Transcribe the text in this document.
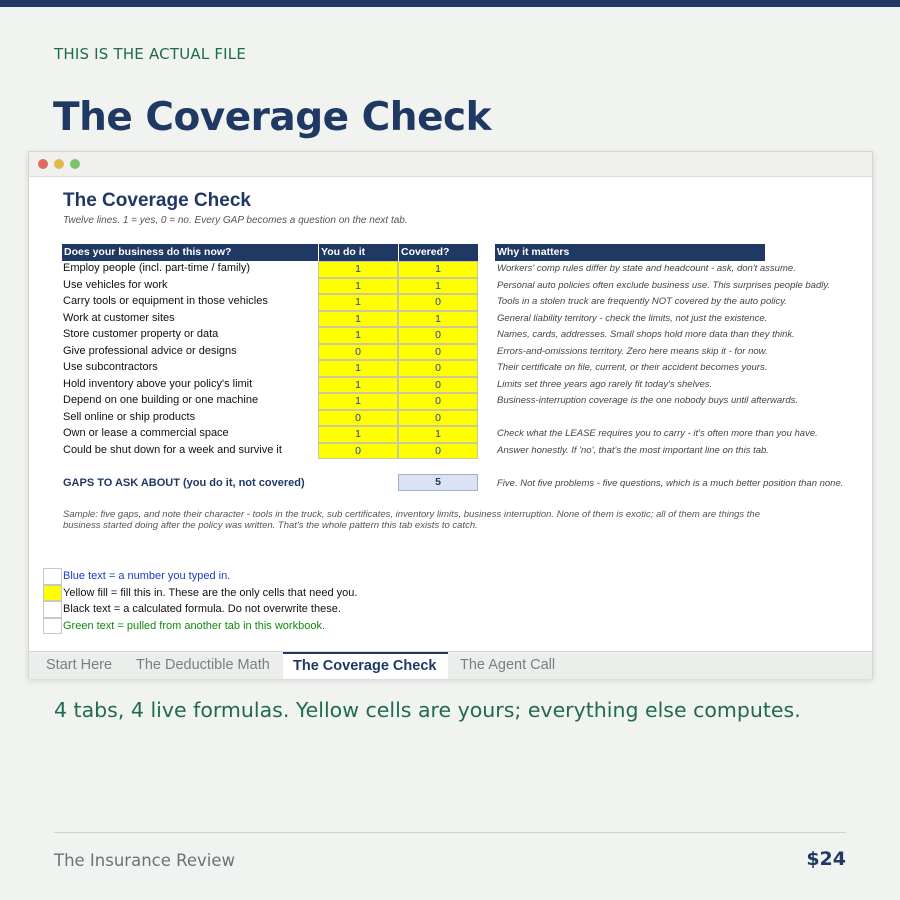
THIS IS THE ACTUAL FILE
The Coverage Check
The Coverage Check
Twelve lines. 1 = yes, 0 = no. Every GAP becomes a question on the next tab.
Does your business do this now?	You do it	Covered?	Why it matters
Employ people (incl. part-time / family)	1	1	Workers' comp rules differ by state and headcount - ask, don't assume.
Use vehicles for work	1	1	Personal auto policies often exclude business use. This surprises people badly.
Carry tools or equipment in those vehicles	1	0	Tools in a stolen truck are frequently NOT covered by the auto policy.
Work at customer sites	1	1	General liability territory - check the limits, not just the existence.
Store customer property or data	1	0	Names, cards, addresses. Small shops hold more data than they think.
Give professional advice or designs	0	0	Errors-and-omissions territory. Zero here means skip it - for now.
Use subcontractors	1	0	Their certificate on file, current, or their accident becomes yours.
Hold inventory above your policy's limit	1	0	Limits set three years ago rarely fit today's shelves.
Depend on one building or one machine	1	0	Business-interruption coverage is the one nobody buys until afterwards.
Sell online or ship products	0	0
Own or lease a commercial space	1	1	Check what the LEASE requires you to carry - it's often more than you have.
Could be shut down for a week and survive it	0	0	Answer honestly. If 'no', that's the most important line on this tab.
GAPS TO ASK ABOUT (you do it, not covered)	5	Five. Not five problems - five questions, which is a much better position than none.
Sample: five gaps, and note their character - tools in the truck, sub certificates, inventory limits, business interruption. None of them is exotic; all of them are things the business started doing after the policy was written. That's the whole pattern this tab exists to catch.
Blue text = a number you typed in.
Yellow fill = fill this in. These are the only cells that need you.
Black text = a calculated formula. Do not overwrite these.
Green text = pulled from another tab in this workbook.
Start Here The Deductible Math	The Coverage Check	The Agent Call
4 tabs, 4 live formulas. Yellow cells are yours; everything else computes.
The Insurance Review	$24
